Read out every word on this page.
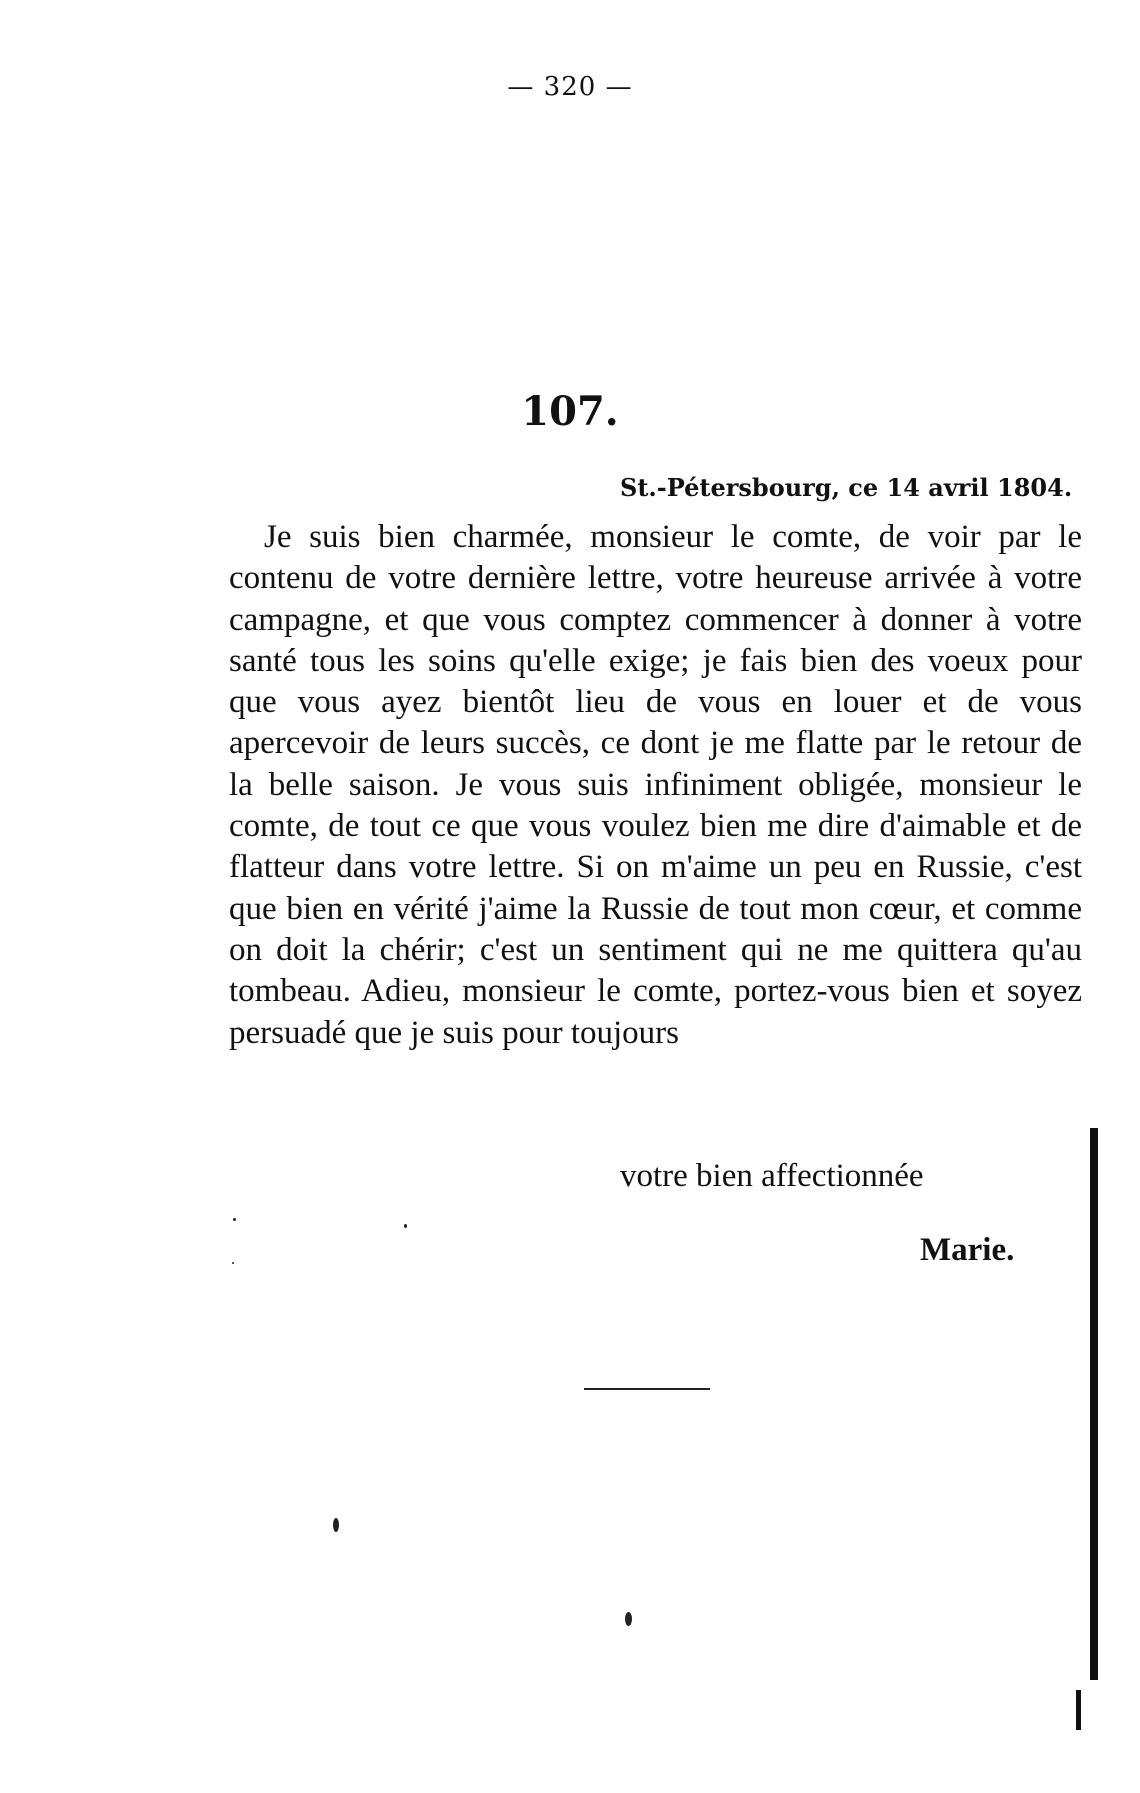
— 320 —
107.
St.-Pétersbourg, ce 14 avril 1804.

Je suis bien charmée, monsieur le comte, de voir par le contenu de votre dernière lettre, votre heureuse arrivée à votre campagne, et que vous comptez commencer à donner à votre santé tous les soins qu'elle exige; je fais bien des voeux pour que vous ayez bientôt lieu de vous en louer et de vous apercevoir de leurs succès, ce dont je me flatte par le retour de la belle saison. Je vous suis infiniment obligée, monsieur le comte, de tout ce que vous voulez bien me dire d'aimable et de flatteur dans votre lettre. Si on m'aime un peu en Russie, c'est que bien en vérité j'aime la Russie de tout mon cœur, et comme on doit la chérir; c'est un sentiment qui ne me quittera qu'au tombeau. Adieu, monsieur le comte, portez-vous bien et soyez persuadé que je suis pour toujours

votre bien affectionnée
Marie.
